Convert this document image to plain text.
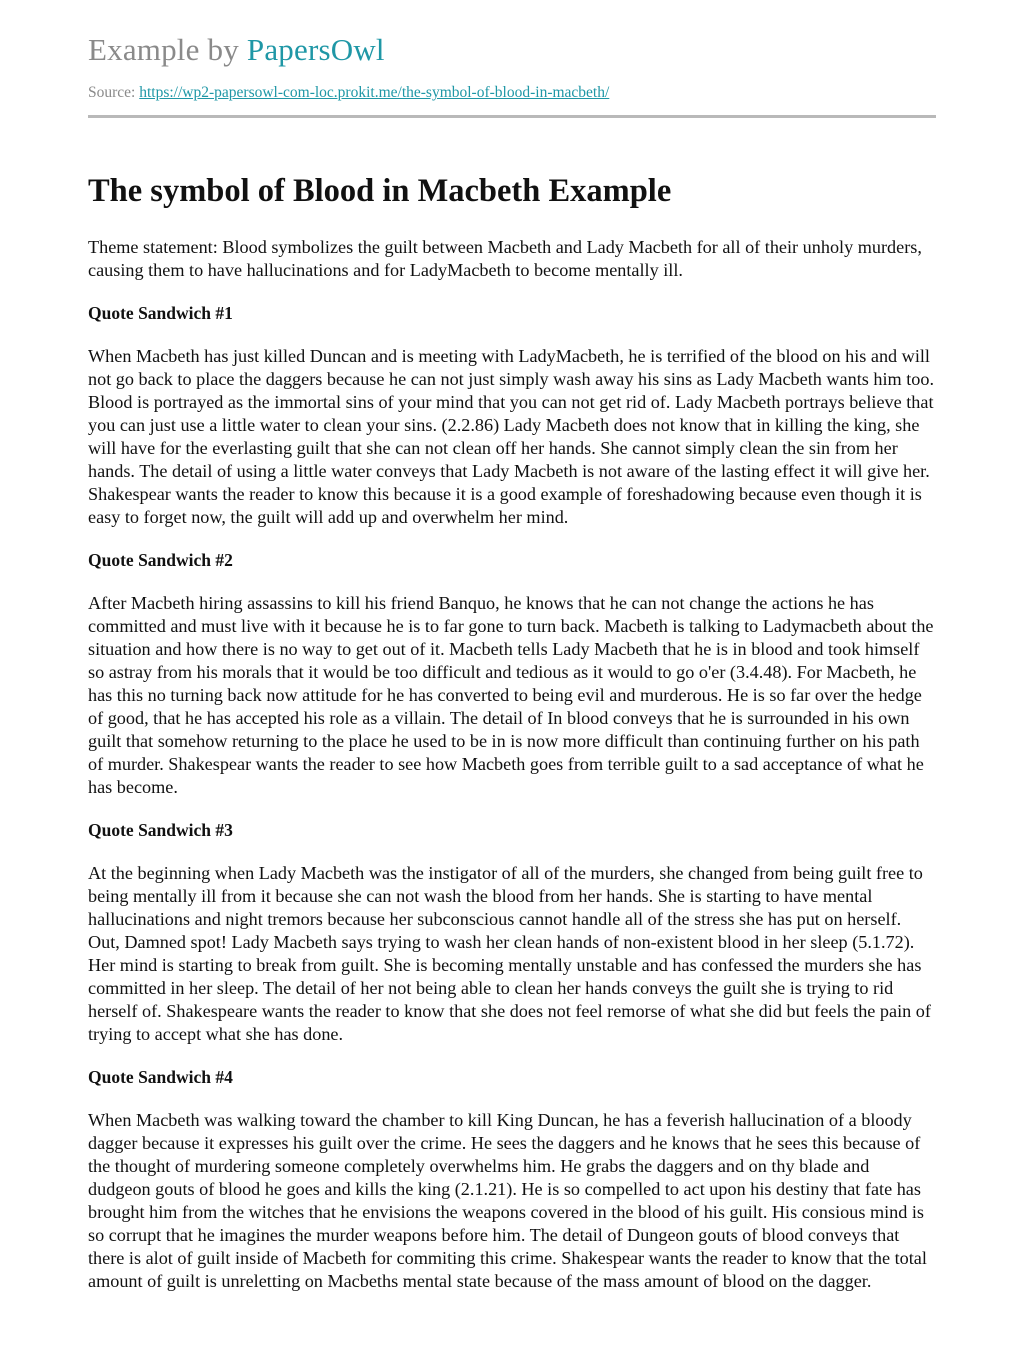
Example by PapersOwl
Source: https://wp2-papersowl-com-loc.prokit.me/the-symbol-of-blood-in-macbeth/
The symbol of Blood in Macbeth Example

Theme statement: Blood symbolizes the guilt between Macbeth and Lady Macbeth for all of their unholy murders, causing them to have hallucinations and for LadyMacbeth to become mentally ill.

Quote Sandwich #1

When Macbeth has just killed Duncan and is meeting with LadyMacbeth, he is terrified of the blood on his and will not go back to place the daggers because he can not just simply wash away his sins as Lady Macbeth wants him too. Blood is portrayed as the immortal sins of your mind that you can not get rid of. Lady Macbeth portrays believe that you can just use a little water to clean your sins. (2.2.86) Lady Macbeth does not know that in killing the king, she will have for the everlasting guilt that she can not clean off her hands. She cannot simply clean the sin from her hands. The detail of using a little water conveys that Lady Macbeth is not aware of the lasting effect it will give her. Shakespear wants the reader to know this because it is a good example of foreshadowing because even though it is easy to forget now, the guilt will add up and overwhelm her mind.

Quote Sandwich #2

After Macbeth hiring assassins to kill his friend Banquo, he knows that he can not change the actions he has committed and must live with it because he is to far gone to turn back. Macbeth is talking to Ladymacbeth about the situation and how there is no way to get out of it. Macbeth tells Lady Macbeth that he is in blood and took himself so astray from his morals that it would be too difficult and tedious as it would to go o'er (3.4.48). For Macbeth, he has this no turning back now attitude for he has converted to being evil and murderous. He is so far over the hedge of good, that he has accepted his role as a villain. The detail of In blood conveys that he is surrounded in his own guilt that somehow returning to the place he used to be in is now more difficult than continuing further on his path of murder. Shakespear wants the reader to see how Macbeth goes from terrible guilt to a sad acceptance of what he has become.

Quote Sandwich #3

At the beginning when Lady Macbeth was the instigator of all of the murders, she changed from being guilt free to being mentally ill from it because she can not wash the blood from her hands. She is starting to have mental hallucinations and night tremors because her subconscious cannot handle all of the stress she has put on herself. Out, Damned spot! Lady Macbeth says trying to wash her clean hands of non-existent blood in her sleep (5.1.72). Her mind is starting to break from guilt. She is becoming mentally unstable and has confessed the murders she has committed in her sleep. The detail of her not being able to clean her hands conveys the guilt she is trying to rid herself of. Shakespeare wants the reader to know that she does not feel remorse of what she did but feels the pain of trying to accept what she has done.

Quote Sandwich #4

When Macbeth was walking toward the chamber to kill King Duncan, he has a feverish hallucination of a bloody dagger because it expresses his guilt over the crime. He sees the daggers and he knows that he sees this because of the thought of murdering someone completely overwhelms him. He grabs the daggers and on thy blade and dudgeon gouts of blood he goes and kills the king (2.1.21). He is so compelled to act upon his destiny that fate has brought him from the witches that he envisions the weapons covered in the blood of his guilt. His consious mind is so corrupt that he imagines the murder weapons before him. The detail of Dungeon gouts of blood conveys that there is alot of guilt inside of Macbeth for commiting this crime. Shakespear wants the reader to know that the total amount of guilt is unreletting on Macbeths mental state because of the mass amount of blood on the dagger.
